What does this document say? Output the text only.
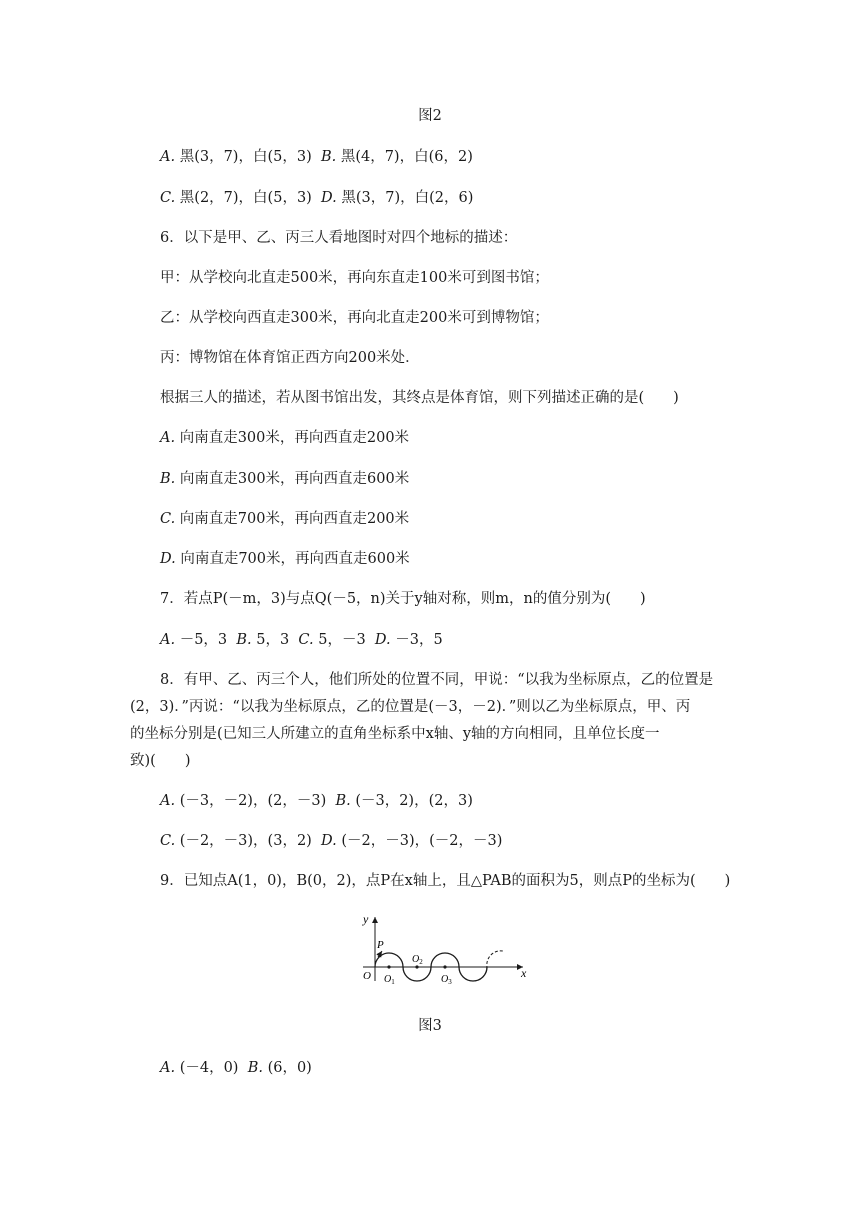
图2
A. 黑(3，7)，白(5，3) B. 黑(4，7)，白(6，2)
C. 黑(2，7)，白(5，3) D. 黑(3，7)，白(2，6)
6．以下是甲、乙、丙三人看地图时对四个地标的描述：
甲：从学校向北直走500米，再向东直走100米可到图书馆；
乙：从学校向西直走300米，再向北直走200米可到博物馆；
丙：博物馆在体育馆正西方向200米处．
根据三人的描述，若从图书馆出发，其终点是体育馆，则下列描述正确的是(　　)
A. 向南直走300米，再向西直走200米
B. 向南直走300米，再向西直走600米
C. 向南直走700米，再向西直走200米
D. 向南直走700米，再向西直走600米
7．若点P(－m，3)与点Q(－5，n)关于y轴对称，则m，n的值分别为(　　)
A. －5，3 B. 5，3 C. 5，－3 D. －3，5
8．有甲、乙、丙三个人，他们所处的位置不同，甲说：“以我为坐标原点，乙的位置是
(2，3)．”丙说：“以我为坐标原点，乙的位置是(－3，－2)．”则以乙为坐标原点，甲、丙
的坐标分别是(已知三人所建立的直角坐标系中x轴、y轴的方向相同，且单位长度一
致)(　　)
A. (－3，－2)，(2，－3) B. (－3，2)，(2，3)
C. (－2，－3)，(3，2) D. (－2，－3)，(－2，－3)
9．已知点A(1，0)，B(0，2)，点P在x轴上，且△PAB的面积为5，则点P的坐标为(　　)
y
x
P
O $O_1$
$O_2$
$O_3$
图3
A. (－4，0) B. (6，0)
